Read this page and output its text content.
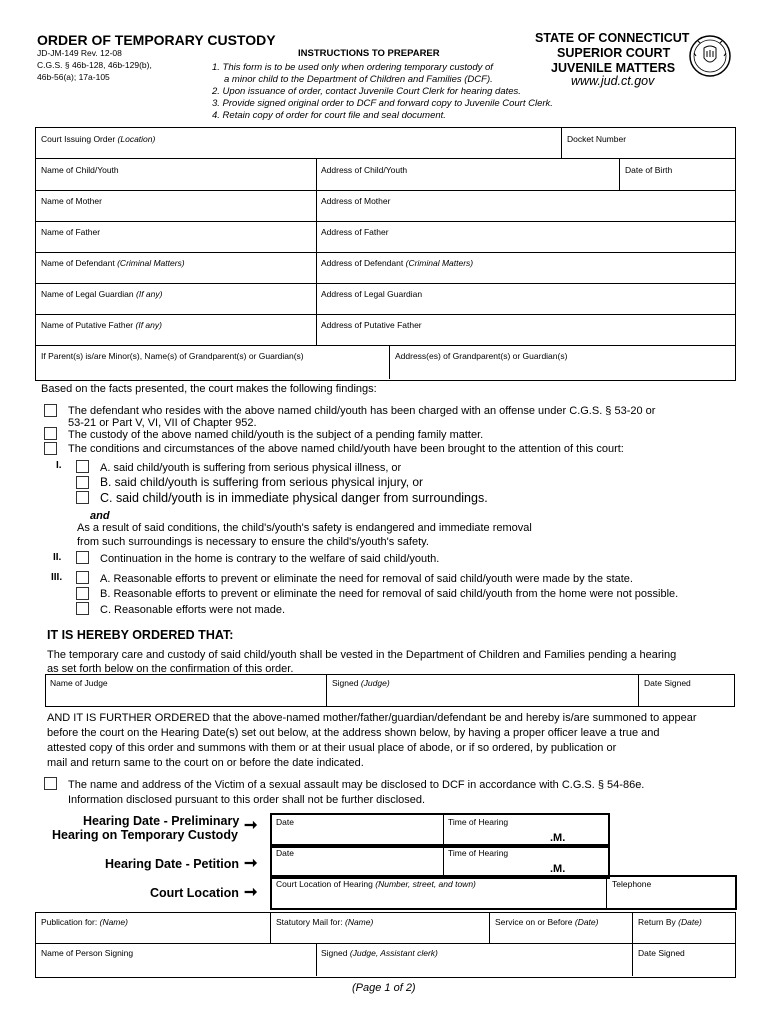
ORDER OF TEMPORARY CUSTODY
JD-JM-149 Rev. 12-08
C.G.S. § 46b-128, 46b-129(b),
46b-56(a); 17a-105
INSTRUCTIONS TO PREPARER
1. This form is to be used only when ordering temporary custody of
a minor child to the Department of Children and Families (DCF).
2. Upon issuance of order, contact Juvenile Court Clerk for hearing dates.
3. Provide signed original order to DCF and forward copy to Juvenile Court Clerk.
4. Retain copy of order for court file and seal document.
STATE OF CONNECTICUT
SUPERIOR COURT
JUVENILE MATTERS
www.jud.ct.gov
Court Issuing Order (Location)	Docket Number
Name of Child/Youth	Address of Child/Youth	Date of Birth
Name of Mother	Address of Mother
Name of Father	Address of Father
Name of Defendant (Criminal Matters)	Address of Defendant (Criminal Matters)
Name of Legal Guardian (If any)	Address of Legal Guardian
Name of Putative Father (If any)	Address of Putative Father
If Parent(s) is/are Minor(s), Name(s) of Grandparent(s) or Guardian(s)	Address(es) of Grandparent(s) or Guardian(s)
Based on the facts presented, the court makes the following findings:
The defendant who resides with the above named child/youth has been charged with an offense under C.G.S. § 53-20 or
53-21 or Part V, VI, VII of Chapter 952.
The custody of the above named child/youth is the subject of a pending family matter.
The conditions and circumstances of the above named child/youth have been brought to the attention of this court:
I.	A. said child/youth is suffering from serious physical illness, or
B. said child/youth is suffering from serious physical injury, or
C. said child/youth is in immediate physical danger from surroundings.
and
As a result of said conditions, the child's/youth's safety is endangered and immediate removal
from such surroundings is necessary to ensure the child's/youth's safety.
II.	Continuation in the home is contrary to the welfare of said child/youth.
III.	A. Reasonable efforts to prevent or eliminate the need for removal of said child/youth were made by the state.
B. Reasonable efforts to prevent or eliminate the need for removal of said child/youth from the home were not possible.
C. Reasonable efforts were not made.
IT IS HEREBY ORDERED THAT:
The temporary care and custody of said child/youth shall be vested in the Department of Children and Families pending a hearing
as set forth below on the confirmation of this order.
Name of Judge	Signed (Judge)	Date Signed
AND IT IS FURTHER ORDERED that the above-named mother/father/guardian/defendant be and hereby is/are summoned to appear
before the court on the Hearing Date(s) set out below, at the address shown below, by having a proper officer leave a true and
attested copy of this order and summons with them or at their usual place of abode, or if so ordered, by publication or
mail and return same to the court on or before the date indicated.
The name and address of the Victim of a sexual assault may be disclosed to DCF in accordance with C.G.S. § 54-86e.
Information disclosed pursuant to this order shall not be further disclosed.
Hearing Date - Preliminary
Hearing on Temporary Custody
➞
Hearing Date - Petition ➞
Court Location ➞
Date	Time of Hearing
.M.
Date	Time of Hearing
.M.
Court Location of Hearing (Number, street, and town)	Telephone
Publication for: (Name)	Statutory Mail for: (Name)	Service on or Before (Date)	Return By (Date)
Name of Person Signing	Signed (Judge, Assistant clerk)	Date Signed
(Page 1 of 2)
